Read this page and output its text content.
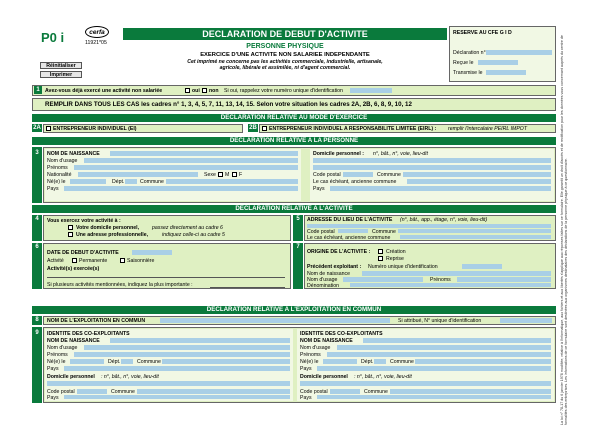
P0 i	cerfa
11921*05
Réinitialiser
Imprimer
DECLARATION DE DEBUT D'ACTIVITE
PERSONNE PHYSIQUE
EXERCICE D'UNE ACTIVITE NON SALARIEE INDEPENDANTE
Cet imprimé ne concerne pas les activités commerciale, industrielle, artisanale,
agricole, libérale et assimilée, ni d'agent commercial.
RESERVE AU CFE G I D
Déclaration n°
Reçue le
Transmise le
1	Avez-vous déjà exercé une activité non salariée	oui non Si oui, rappelez votre numéro unique d'identification
REMPLIR DANS TOUS LES CAS les cadres n° 1, 3, 4, 5, 7, 11, 13, 14, 15. Selon votre situation les cadres 2A, 2B, 6, 8, 9, 10, 12
DECLARATION RELATIVE AU MODE D'EXERCICE
2A ENTREPRENEUR INDIVIDUEL (EI)	2B ENTREPRENEUR INDIVIDUEL A RESPONSABILITE LIMITEE (EIRL) : remplir l'intercalaire PEIRL IMPOT
DECLARATION RELATIVE A LA PERSONNE
3	NOM DE NAISSANCE
Nom d'usage
Prénoms
Nationalité	Sexe M F
Né(e) le	Dépt.	Commune
Pays
Domicile personnel : n°, bât., n°, voie, lieu-dit
Code postal	Commune
Le cas échéant, ancienne commune
Pays
DECLARATION RELATIVE A L'ACTIVITE
4	Vous exercez votre activité à :
Votre domicile personnel, passez directement au cadre 6
Une adresse professionnelle,	indiquez celle-ci au cadre 5
5	ADRESSE DU LIEU DE L'ACTIVITE (n°, bât., app., étage, n°, voie, lieu-dit)
Code postal	Commune
Le cas échéant, ancienne commune
6
DATE DE DEBUT D'ACTIVITE
Activité	Permanente	Saisonnière
Activité(s) exercée(s)
Si plusieurs activités mentionnées, indiquez la plus importante :
7
ORIGINE DE L'ACTIVITE :	Création
Reprise
Précédent exploitant : Numéro unique d'identification
Nom de naissance
Nom d'usage	Prénoms
Dénomination
DECLARATION RELATIVE A L'EXPLOITATION EN COMMUN
8	NOM DE L'EXPLOITATION EN COMMUN	Si attribué, N° unique d'identification
9	IDENTITE DES CO-EXPLOITANTS
NOM DE NAISSANCE
Nom d'usage
Prénoms
Né(e) le	Dépt.	Commune
Pays
Domicile personnel : n°, bât., n°, voie, lieu-dit
Code postal	Commune
Pays
IDENTITE DES CO-EXPLOITANTS
NOM DE NAISSANCE
Nom d'usage
Prénoms
Né(e) le	Dépt.	Commune
Pays
Domicile personnel : n°, bât., n°, voie, lieu-dit
Code postal	Commune
Pays	La loi n° 78-17 du 6 janvier 1978 modifiée, relative à l'informatique, aux fichiers et aux libertés s'applique aux réponses faites sur ce formulaire. Elle garantit un droit d'accès et de rectification pour les données vous concernant auprès du centre de formalités des entreprises. Les informations de ce formulaire sont destinées aux organismes destinataires des déclarations de la personne physique à ce questionnaire.
